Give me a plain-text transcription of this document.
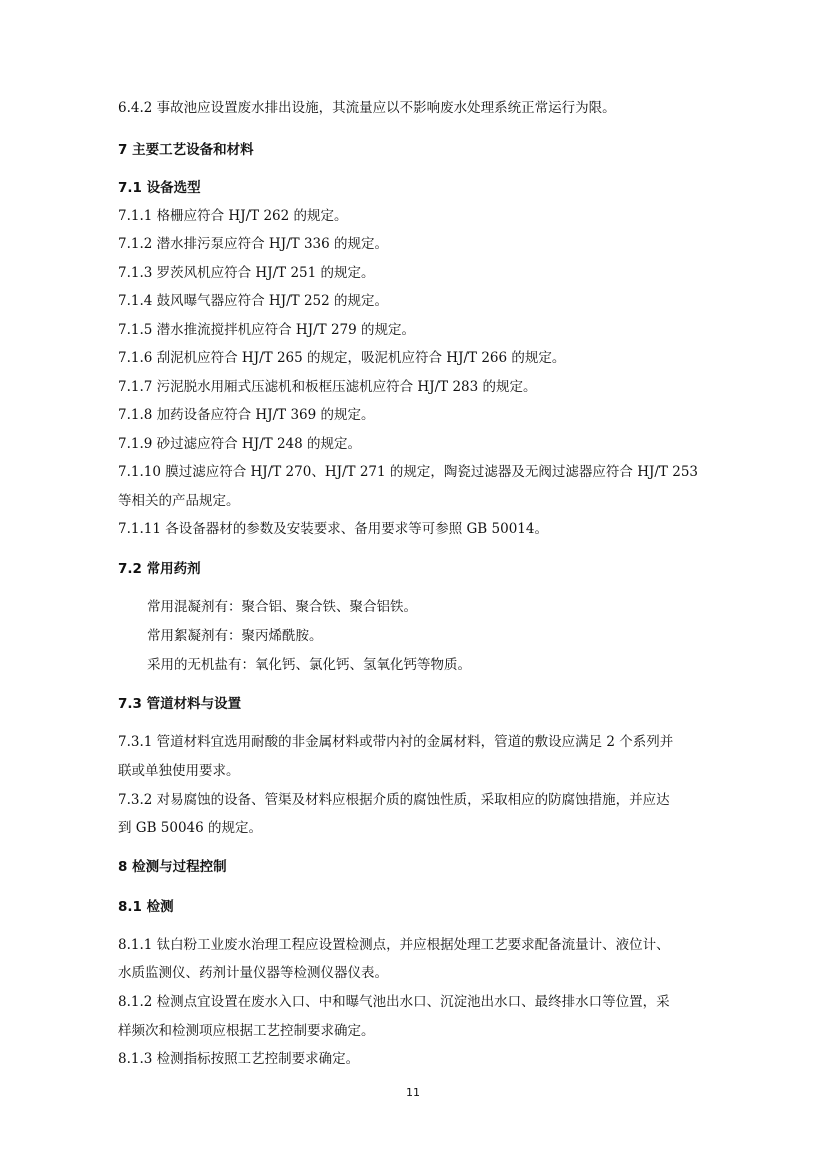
6.4.2 事故池应设置废水排出设施，其流量应以不影响废水处理系统正常运行为限。
7 主要工艺设备和材料
7.1 设备选型
7.1.1 格栅应符合 HJ/T 262 的规定。
7.1.2 潜水排污泵应符合 HJ/T 336 的规定。
7.1.3 罗茨风机应符合 HJ/T 251 的规定。
7.1.4 鼓风曝气器应符合 HJ/T 252 的规定。
7.1.5 潜水推流搅拌机应符合 HJ/T 279 的规定。
7.1.6 刮泥机应符合 HJ/T 265 的规定，吸泥机应符合 HJ/T 266 的规定。
7.1.7 污泥脱水用厢式压滤机和板框压滤机应符合 HJ/T 283 的规定。
7.1.8 加药设备应符合 HJ/T 369 的规定。
7.1.9 砂过滤应符合 HJ/T 248 的规定。
7.1.10 膜过滤应符合 HJ/T 270、HJ/T 271 的规定，陶瓷过滤器及无阀过滤器应符合 HJ/T 253
等相关的产品规定。
7.1.11 各设备器材的参数及安装要求、备用要求等可参照 GB 50014。
7.2 常用药剂
常用混凝剂有：聚合铝、聚合铁、聚合铝铁。
常用絮凝剂有：聚丙烯酰胺。
采用的无机盐有：氧化钙、氯化钙、氢氧化钙等物质。
7.3 管道材料与设置
7.3.1 管道材料宜选用耐酸的非金属材料或带内衬的金属材料，管道的敷设应满足 2 个系列并
联或单独使用要求。
7.3.2 对易腐蚀的设备、管渠及材料应根据介质的腐蚀性质，采取相应的防腐蚀措施，并应达
到 GB 50046 的规定。
8 检测与过程控制
8.1 检测
8.1.1 钛白粉工业废水治理工程应设置检测点，并应根据处理工艺要求配备流量计、液位计、
水质监测仪、药剂计量仪器等检测仪器仪表。
8.1.2 检测点宜设置在废水入口、中和曝气池出水口、沉淀池出水口、最终排水口等位置，采
样频次和检测项应根据工艺控制要求确定。
8.1.3 检测指标按照工艺控制要求确定。
11
